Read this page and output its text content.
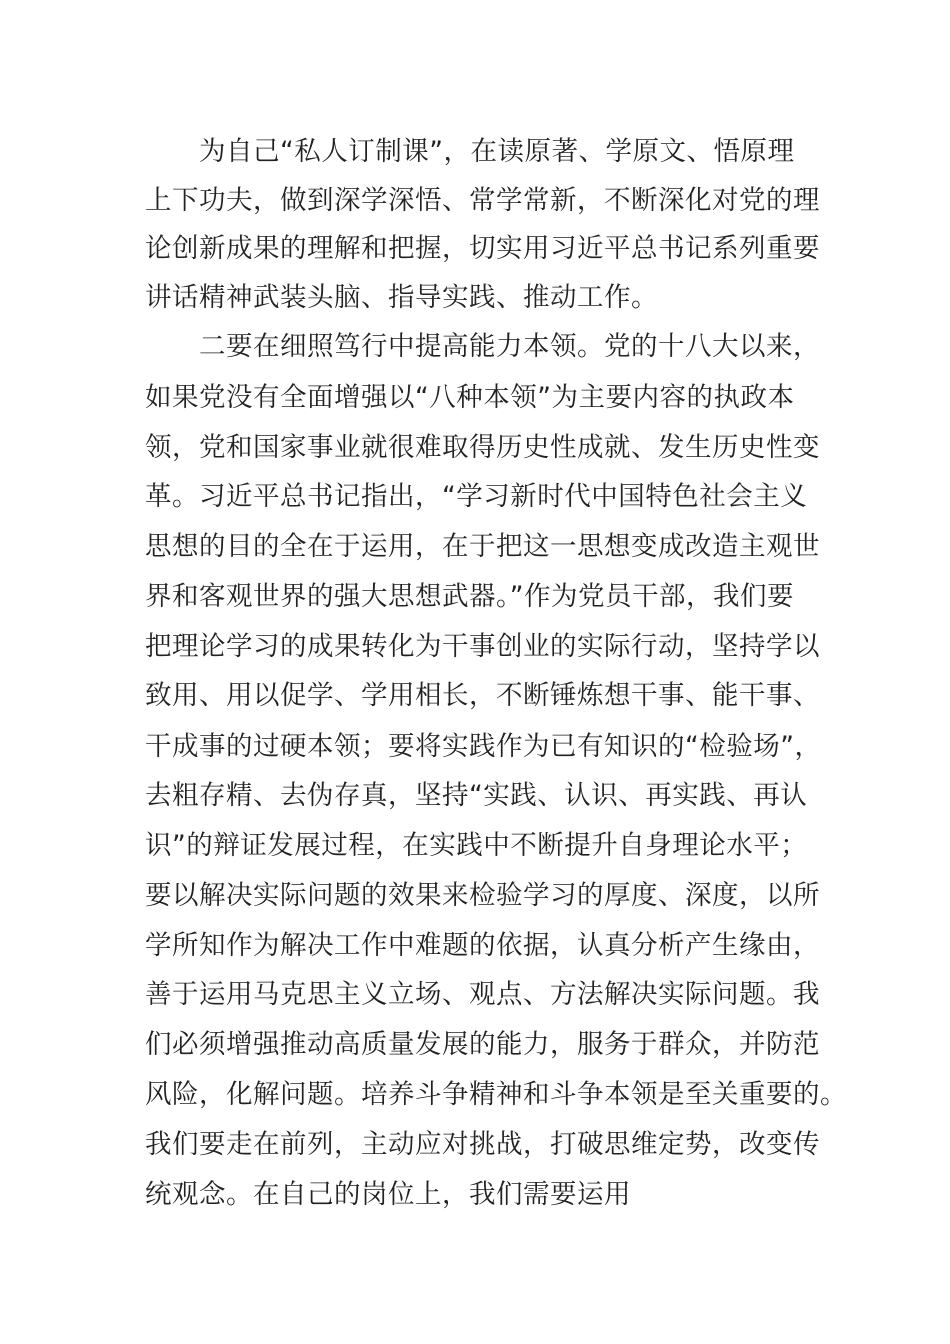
为自己“私人订制课”，在读原著、学原文、悟原理
上下功夫，做到深学深悟、常学常新，不断深化对党的理
论创新成果的理解和把握，切实用习近平总书记系列重要
讲话精神武装头脑、指导实践、推动工作。
二要在细照笃行中提高能力本领。党的十八大以来，
如果党没有全面增强以“八种本领”为主要内容的执政本
领，党和国家事业就很难取得历史性成就、发生历史性变
革。习近平总书记指出，“学习新时代中国特色社会主义
思想的目的全在于运用，在于把这一思想变成改造主观世
界和客观世界的强大思想武器。”作为党员干部，我们要
把理论学习的成果转化为干事创业的实际行动，坚持学以
致用、用以促学、学用相长，不断锤炼想干事、能干事、
干成事的过硬本领；要将实践作为已有知识的“检验场”，
去粗存精、去伪存真，坚持“实践、认识、再实践、再认
识”的辩证发展过程，在实践中不断提升自身理论水平；
要以解决实际问题的效果来检验学习的厚度、深度，以所
学所知作为解决工作中难题的依据，认真分析产生缘由，
善于运用马克思主义立场、观点、方法解决实际问题。我
们必须增强推动高质量发展的能力，服务于群众，并防范
风险，化解问题。培养斗争精神和斗争本领是至关重要的。
我们要走在前列，主动应对挑战，打破思维定势，改变传
统观念。在自己的岗位上，我们需要运用
